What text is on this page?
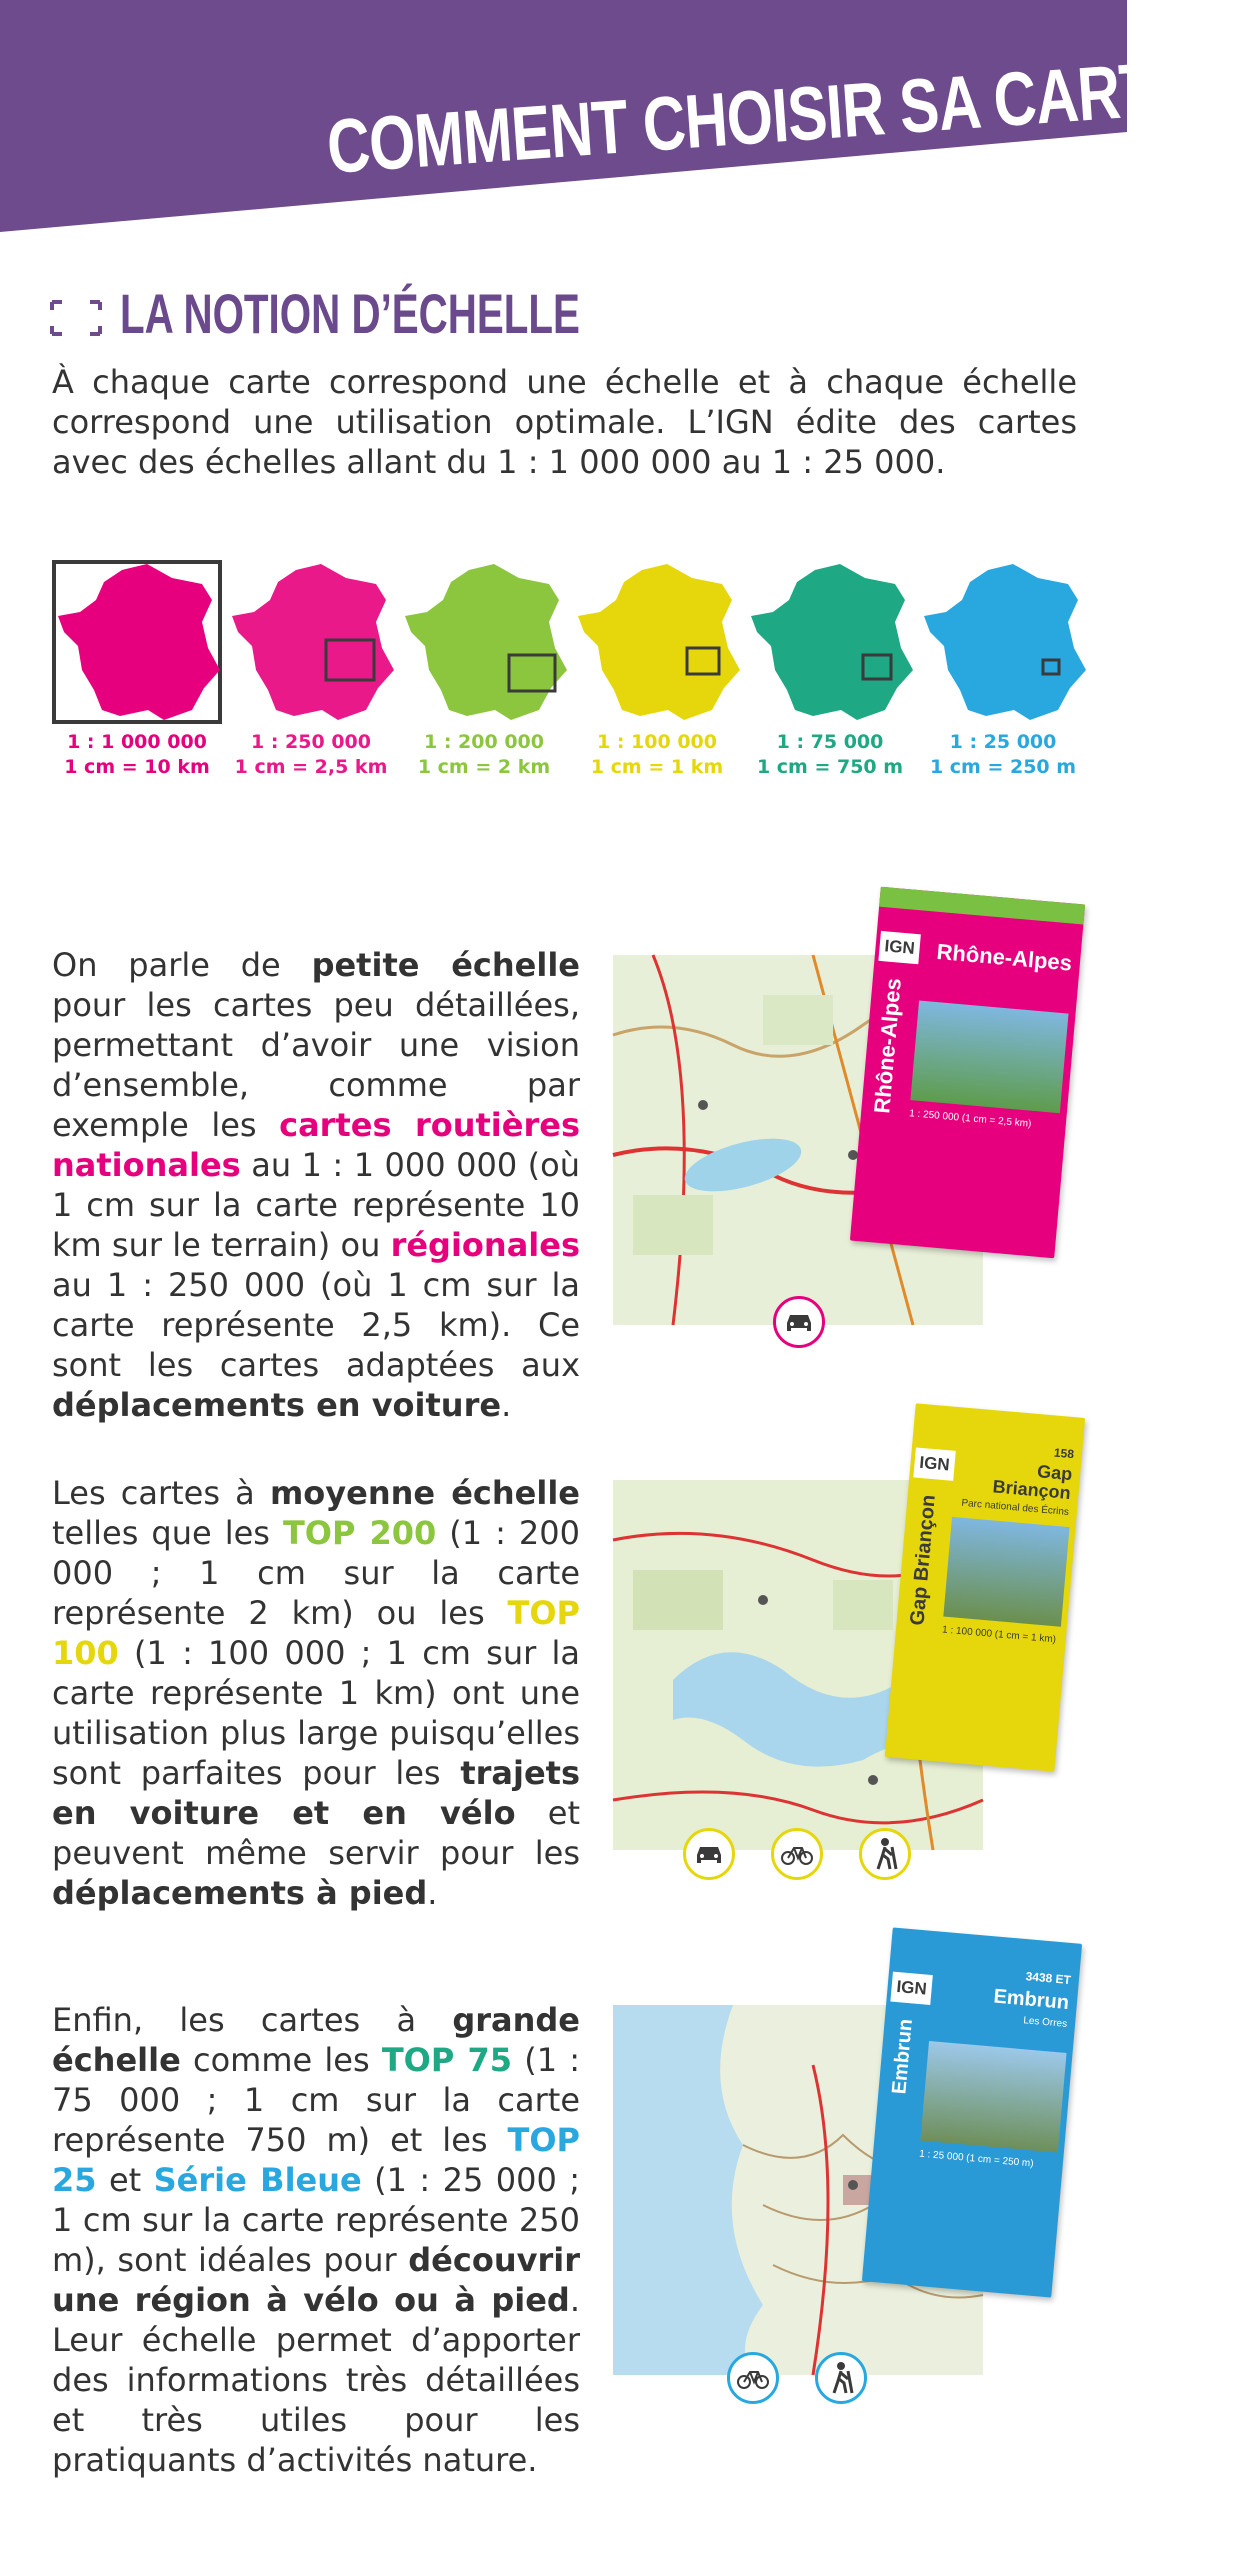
COMMENT CHOISIR SA CARTE ?
LA NOTION D’ÉCHELLE
À chaque carte correspond une échelle et à chaque échelle correspond une utilisation optimale. L’IGN édite des cartes avec des échelles allant du 1 : 1 000 000 au 1 : 25 000.
1 : 1 000 000
1 cm = 10 km
1 : 250 000
1 cm = 2,5 km
1 : 200 000
1 cm = 2 km
1 : 100 000
1 cm = 1 km
1 : 75 000
1 cm = 750 m
1 : 25 000
1 cm = 250 m
On parle de petite échelle pour les cartes peu détaillées, permettant d’avoir une vision d’ensemble, comme par exemple les cartes routières nationales au 1 : 1 000 000 (où 1 cm sur la carte représente 10 km sur le terrain) ou régionales au 1 : 250 000 (où 1 cm sur la carte représente 2,5 km). Ce sont les cartes adaptées aux déplacements en voiture.
IGN Rhône-Alpes
Rhône-Alpes
1 : 250 000 (1 cm = 2,5 km)
Les cartes à moyenne échelle telles que les TOP 200 (1 : 200 000 ; 1 cm sur la carte représente 2 km) ou les TOP 100 (1 : 100 000 ; 1 cm sur la carte représente 1 km) ont une utilisation plus large puisqu’elles sont parfaites pour les trajets en voiture et en vélo et peuvent même servir pour les déplacements à pied.
IGN	158
Gap Briançon
Parc national des Écrins
Gap Briançon
1 : 100 000 (1 cm = 1 km)
Enfin, les cartes à grande échelle comme les TOP 75 (1 : 75 000 ; 1 cm sur la carte représente 750 m) et les TOP 25 et Série Bleue (1 : 25 000 ; 1 cm sur la carte représente 250 m), sont idéales pour découvrir une région à vélo ou à pied. Leur échelle permet d’apporter des informations très détaillées et très utiles pour les pratiquants d’activités nature.
IGN	3438 ET
Embrun
Les Orres
Embrun
1 : 25 000 (1 cm = 250 m)
